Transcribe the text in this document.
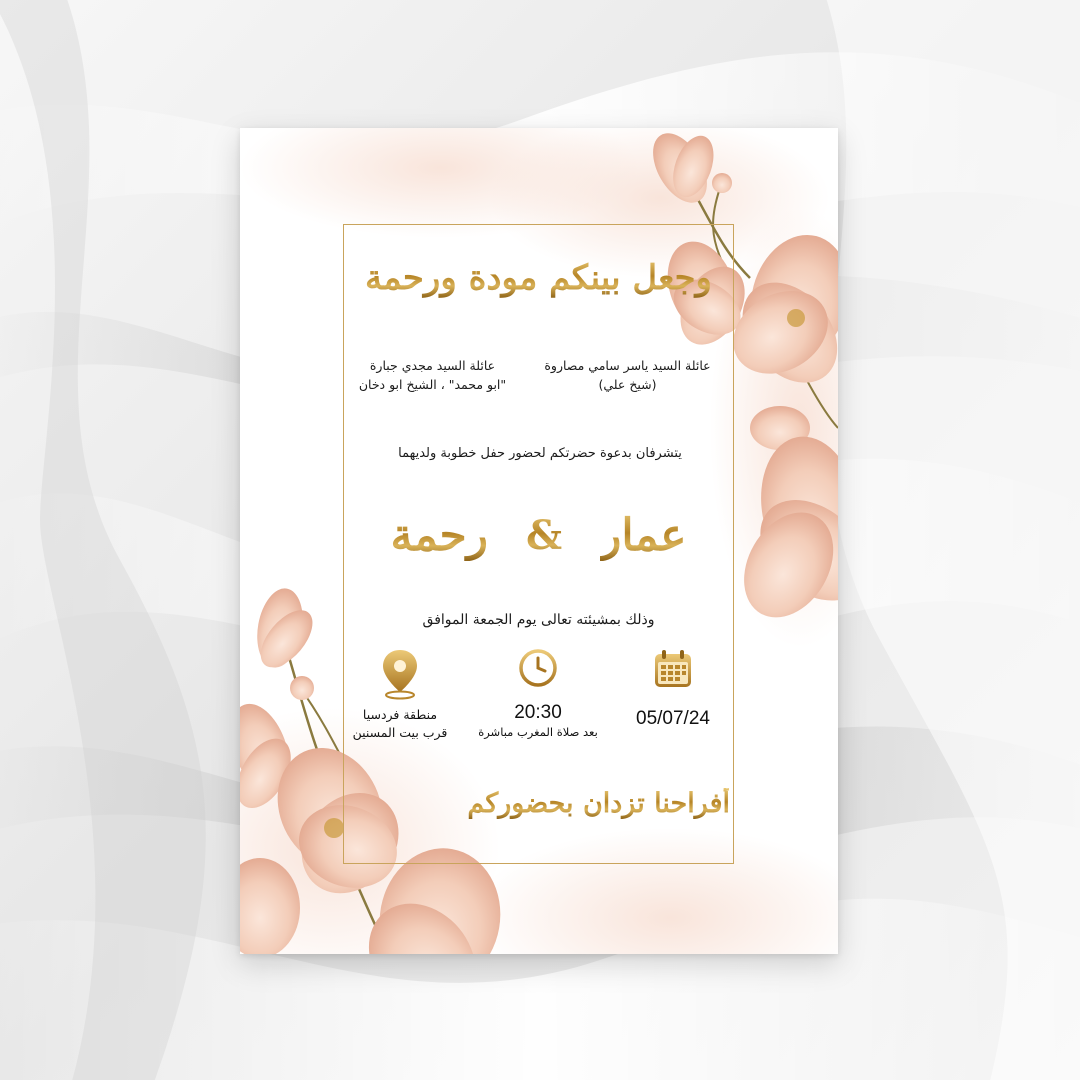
وجعل بينكم مودة ورحمة
عائلة السيد ياسر سامي مصاروة
(شيخ علي)
عائلة السيد مجدي جبارة
"ابو محمد" ، الشيخ ابو دخان
يتشرفان بدعوة حضرتكم لحضور حفل خطوبة ولديهما
عمار
&
رحمة
وذلك بمشيئته تعالى يوم الجمعة الموافق
05/07/24
20:30
بعد صلاة المغرب مباشرة
منطقة فردسيا
قرب بيت المسنين
أفراحنا تزدان بحضوركم
